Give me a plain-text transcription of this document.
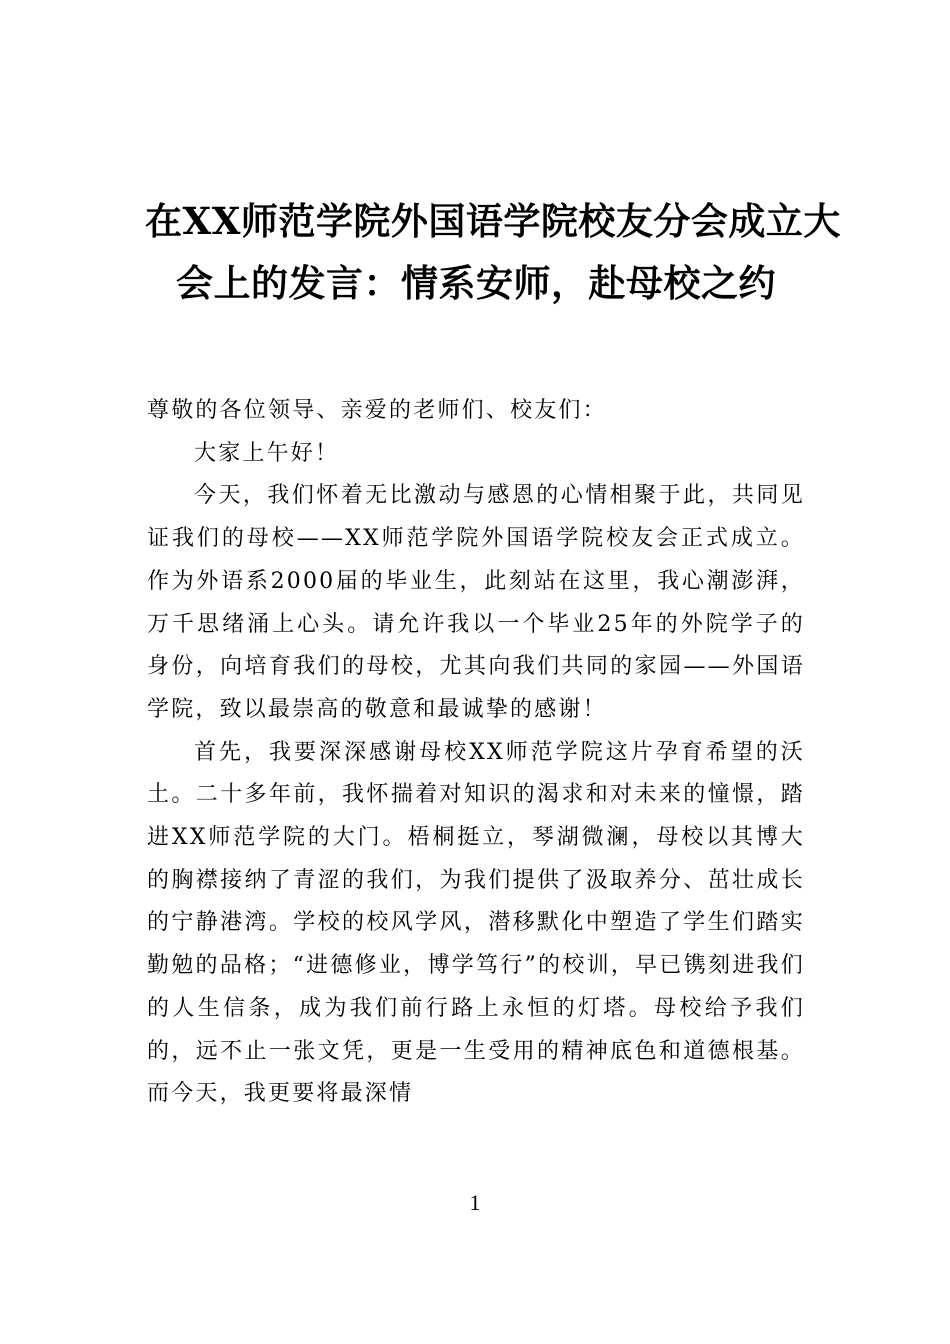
在XX师范学院外国语学院校友分会成立大
会上的发言：情系安师，赴母校之约

尊敬的各位领导、亲爱的老师们、校友们：

大家上午好！

今天，我们怀着无比激动与感恩的心情相聚于此，共同见证我们的母校——XX师范学院外国语学院校友会正式成立。作为外语系2000届的毕业生，此刻站在这里，我心潮澎湃，万千思绪涌上心头。请允许我以一个毕业25年的外院学子的身份，向培育我们的母校，尤其向我们共同的家园——外国语学院，致以最崇高的敬意和最诚挚的感谢！

首先，我要深深感谢母校XX师范学院这片孕育希望的沃土。二十多年前，我怀揣着对知识的渴求和对未来的憧憬，踏进XX师范学院的大门。梧桐挺立，琴湖微澜，母校以其博大的胸襟接纳了青涩的我们，为我们提供了汲取养分、茁壮成长的宁静港湾。学校的校风学风，潜移默化中塑造了学生们踏实勤勉的品格；“进德修业，博学笃行”的校训，早已镌刻进我们的人生信条，成为我们前行路上永恒的灯塔。母校给予我们的，远不止一张文凭，更是一生受用的精神底色和道德根基。而今天，我更要将最深情

1
